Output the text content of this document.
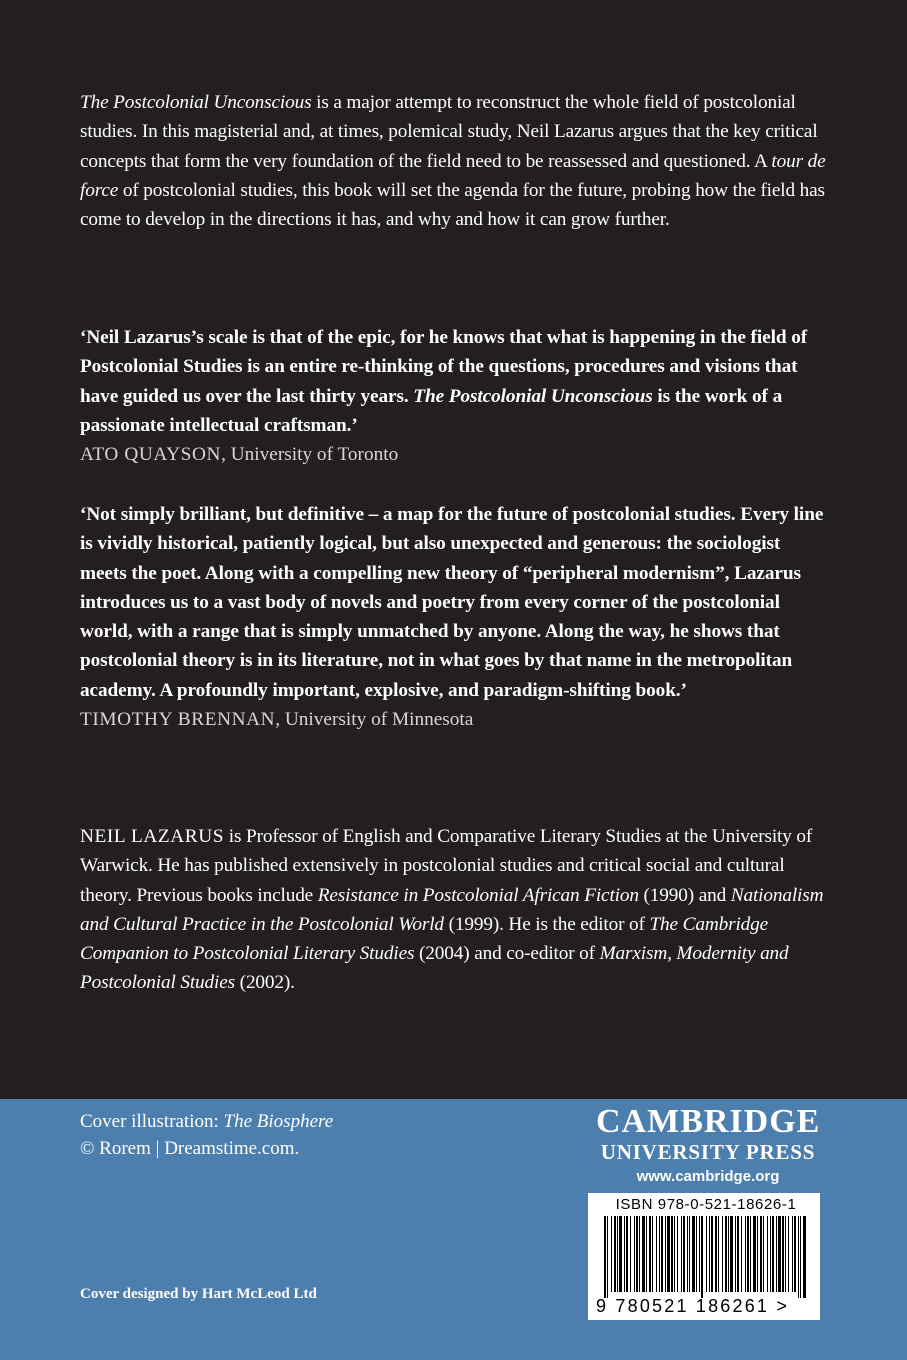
The Postcolonial Unconscious is a major attempt to reconstruct the whole field of postcolonial studies. In this magisterial and, at times, polemical study, Neil Lazarus argues that the key critical concepts that form the very foundation of the field need to be reassessed and questioned. A tour de force of postcolonial studies, this book will set the agenda for the future, probing how the field has come to develop in the directions it has, and why and how it can grow further.
‘Neil Lazarus’s scale is that of the epic, for he knows that what is happening in the field of Postcolonial Studies is an entire re-thinking of the questions, procedures and visions that have guided us over the last thirty years. The Postcolonial Unconscious is the work of a passionate intellectual craftsman.’
ATO QUAYSON, University of Toronto
‘Not simply brilliant, but definitive – a map for the future of postcolonial studies. Every line is vividly historical, patiently logical, but also unexpected and generous: the sociologist meets the poet. Along with a compelling new theory of “peripheral modernism”, Lazarus introduces us to a vast body of novels and poetry from every corner of the postcolonial world, with a range that is simply unmatched by anyone. Along the way, he shows that postcolonial theory is in its literature, not in what goes by that name in the metropolitan academy. A profoundly important, explosive, and paradigm-shifting book.’
TIMOTHY BRENNAN, University of Minnesota
NEIL LAZARUS is Professor of English and Comparative Literary Studies at the University of Warwick. He has published extensively in postcolonial studies and critical social and cultural theory. Previous books include Resistance in Postcolonial African Fiction (1990) and Nationalism and Cultural Practice in the Postcolonial World (1999). He is the editor of The Cambridge Companion to Postcolonial Literary Studies (2004) and co-editor of Marxism, Modernity and Postcolonial Studies (2002).
Cover illustration: The Biosphere
© Rorem | Dreamstime.com.
Cover designed by Hart McLeod Ltd
CAMBRIDGE
UNIVERSITY PRESS
www.cambridge.org
ISBN 978-0-521-18626-1
9 780521 186261 >
